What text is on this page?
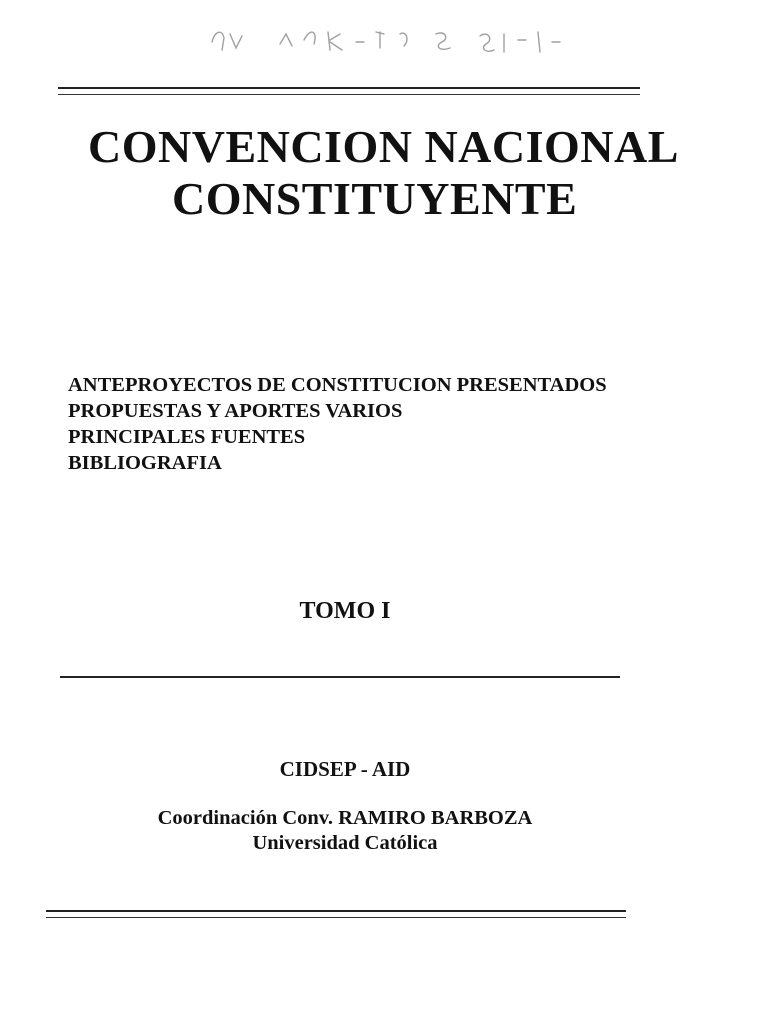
CONVENCION NACIONAL
CONSTITUYENTE
ANTEPROYECTOS DE CONSTITUCION PRESENTADOS
PROPUESTAS Y APORTES VARIOS
PRINCIPALES FUENTES
BIBLIOGRAFIA
TOMO I
CIDSEP - AID
Coordinación Conv. RAMIRO BARBOZA
Universidad Católica
